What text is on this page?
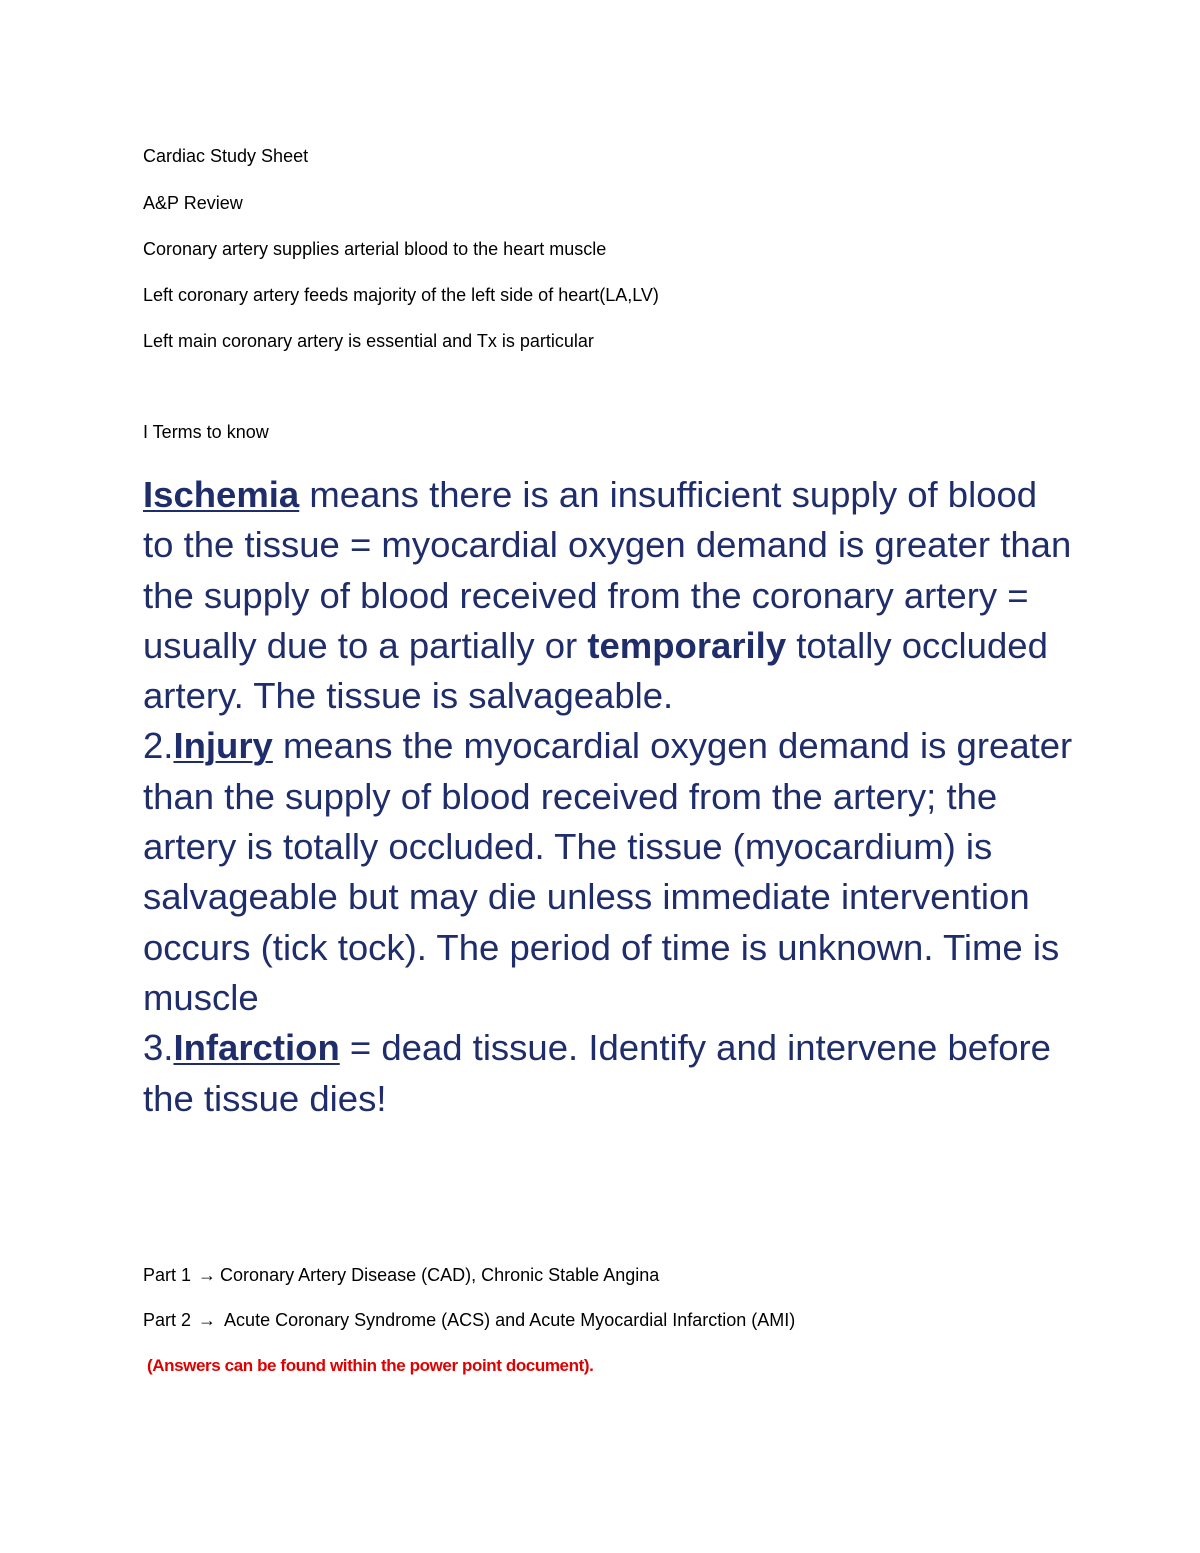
Cardiac Study Sheet
A&P Review
Coronary artery supplies arterial blood to the heart muscle
Left coronary artery feeds majority of the left side of heart(LA,LV)
Left main coronary artery is essential and Tx is particular
I Terms to know

Ischemia means there is an insufficient supply of blood to the tissue = myocardial oxygen demand is greater than the supply of blood received from the coronary artery = usually due to a partially or temporarily totally occluded artery. The tissue is salvageable.

2.Injury means the myocardial oxygen demand is greater than the supply of blood received from the artery; the artery is totally occluded. The tissue (myocardium) is salvageable but may die unless immediate intervention occurs (tick tock). The period of time is unknown. Time is muscle

3.Infarction = dead tissue. Identify and intervene before the tissue dies!

Part 1 → Coronary Artery Disease (CAD), Chronic Stable Angina
Part 2 → Acute Coronary Syndrome (ACS) and Acute Myocardial Infarction (AMI)
(Answers can be found within the power point document).
